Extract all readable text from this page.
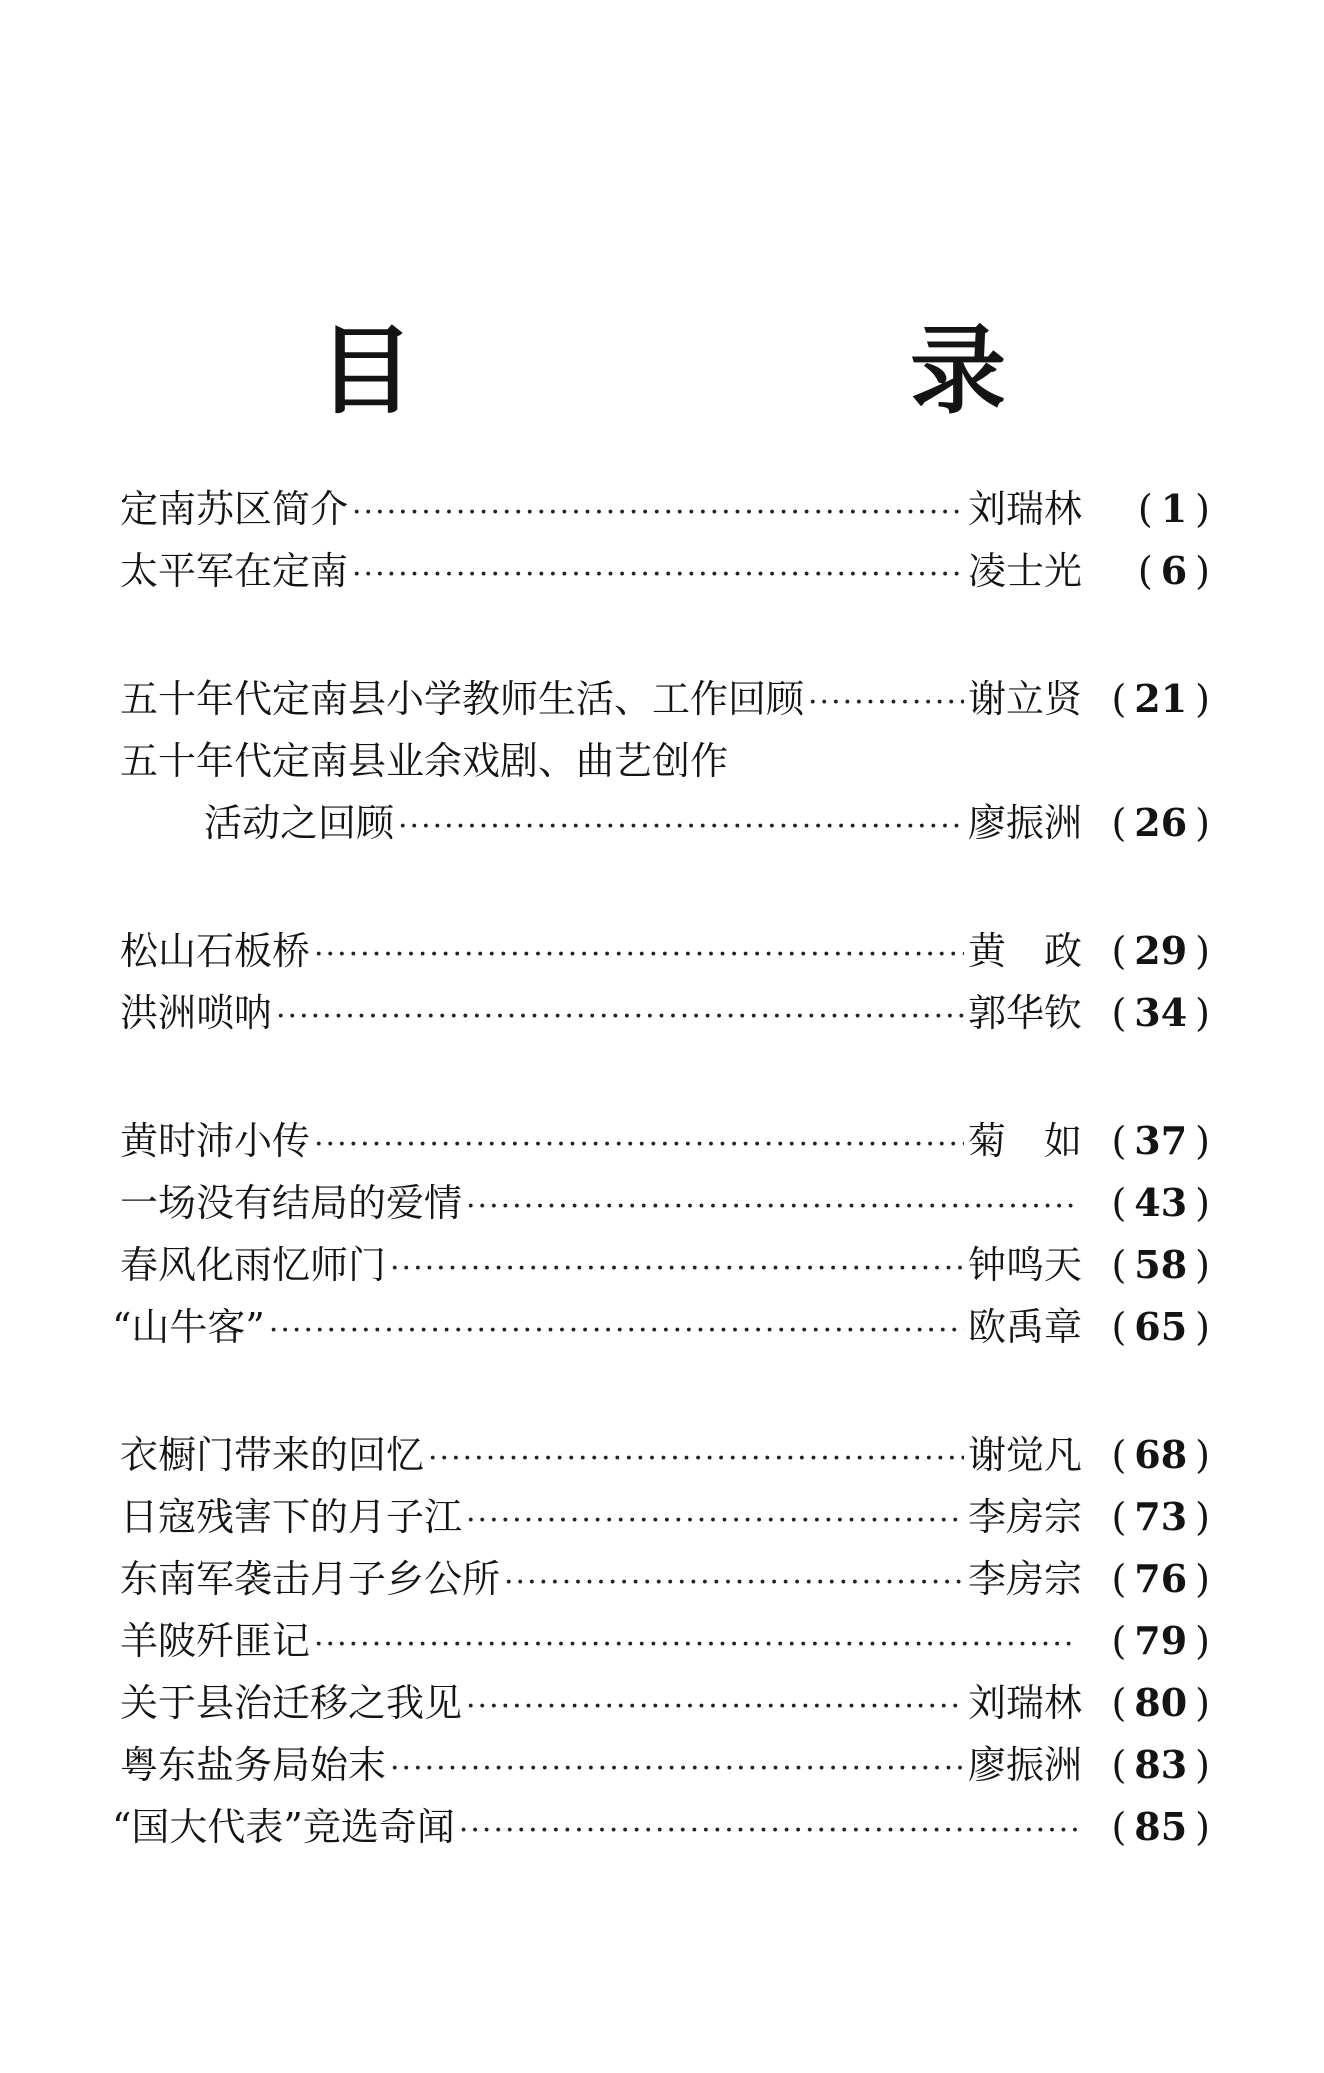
目　录
定南苏区简介 ·····	刘瑞林	( 1 )
太平军在定南 ·····	凌士光	( 6 )
五十年代定南县小学教师生活、工作回顾 ·····	谢立贤	( 21 )
五十年代定南县业余戏剧、曲艺创作
活动之回顾 ·····	廖振洲	( 26 )
松山石板桥 ·····	黄　政	( 29 )
洪洲唢呐 ·····	郭华钦	( 34 )
黄时沛小传 ·····	菊　如	( 37 )
一场没有结局的爱情 ·····	( 43 )
春风化雨忆师门 ·····	钟鸣天	( 58 )
“山牛客” ·····	欧禹章	( 65 )
衣橱门带来的回忆 ·····	谢觉凡	( 68 )
日寇残害下的月子江 ·····	李房宗	( 73 )
东南军袭击月子乡公所 ·····	李房宗	( 76 )
羊陂歼匪记 ·····	( 79 )
关于县治迁移之我见 ·····	刘瑞林	( 80 )
粤东盐务局始末 ·····	廖振洲	( 83 )
“国大代表”竞选奇闻 ·····	( 85 )
